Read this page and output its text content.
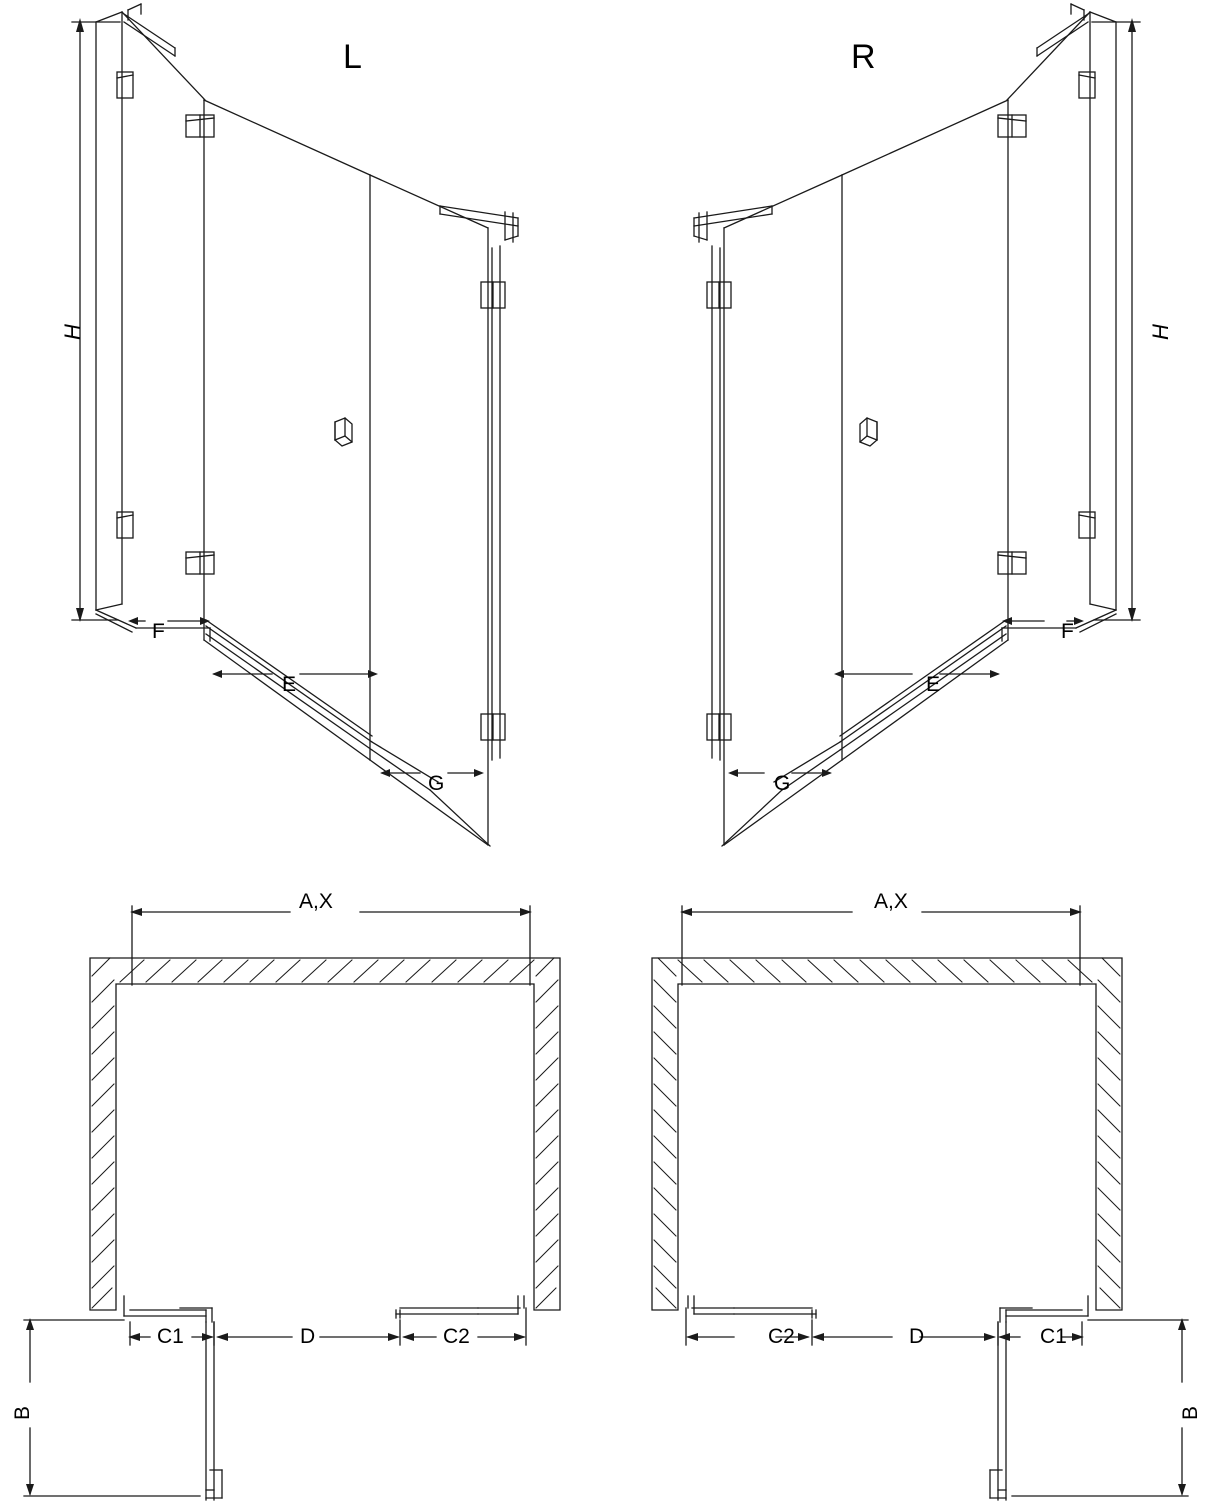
L	R
H
F
E
G
H
F
E
G
A,X
C1	D	C2
B
A,X
C2	D	C1
B
